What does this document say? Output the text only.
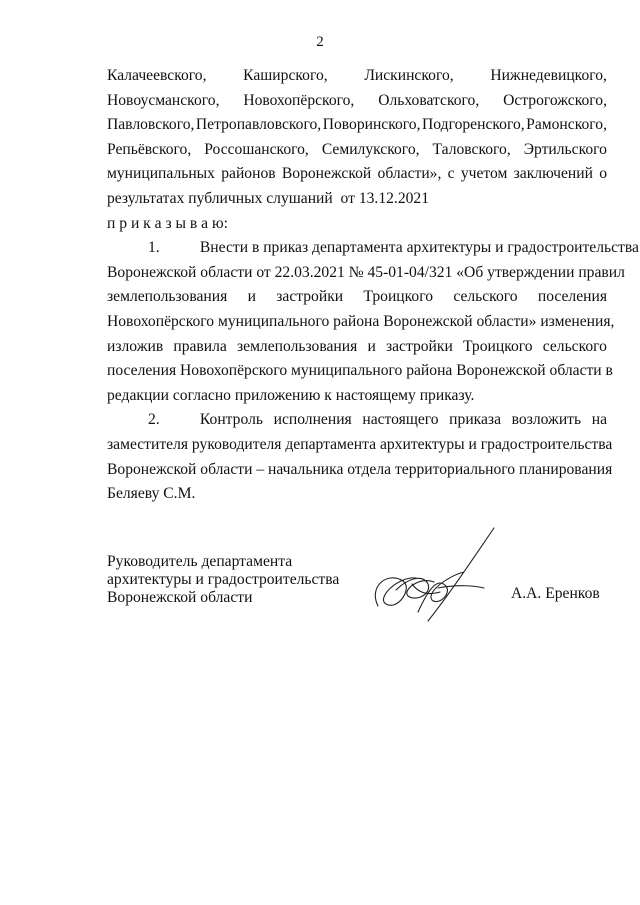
2
Калачеевского, Каширского, Лискинского, Нижнедевицкого,
Новоусманского, Новохопёрского, Ольховатского, Острогожского,
Павловского, Петропавловского, Поворинского, Подгоренского, Рамонского,
Репьёвского, Россошанского, Семилукского, Таловского, Эртильского
муниципальных районов Воронежской области», с учетом заключений о
результатах публичных слушаний  от 13.12.2021
п р и к а з ы в а ю:
1.	Внести в приказ департамента архитектуры и градостроительства
Воронежской области от 22.03.2021 № 45-01-04/321 «Об утверждении правил
землепользования и застройки Троицкого сельского поселения
Новохопёрского муниципального района Воронежской области» изменения,
изложив правила землепользования и застройки Троицкого сельского
поселения Новохопёрского муниципального района Воронежской области в
редакции согласно приложению к настоящему приказу.
2.	Контроль исполнения настоящего приказа возложить на
заместителя руководителя департамента архитектуры и градостроительства
Воронежской области – начальника отдела территориального планирования
Беляеву С.М.
Руководитель департамента
архитектуры и градостроительства
Воронежской области	А.А. Еренков
